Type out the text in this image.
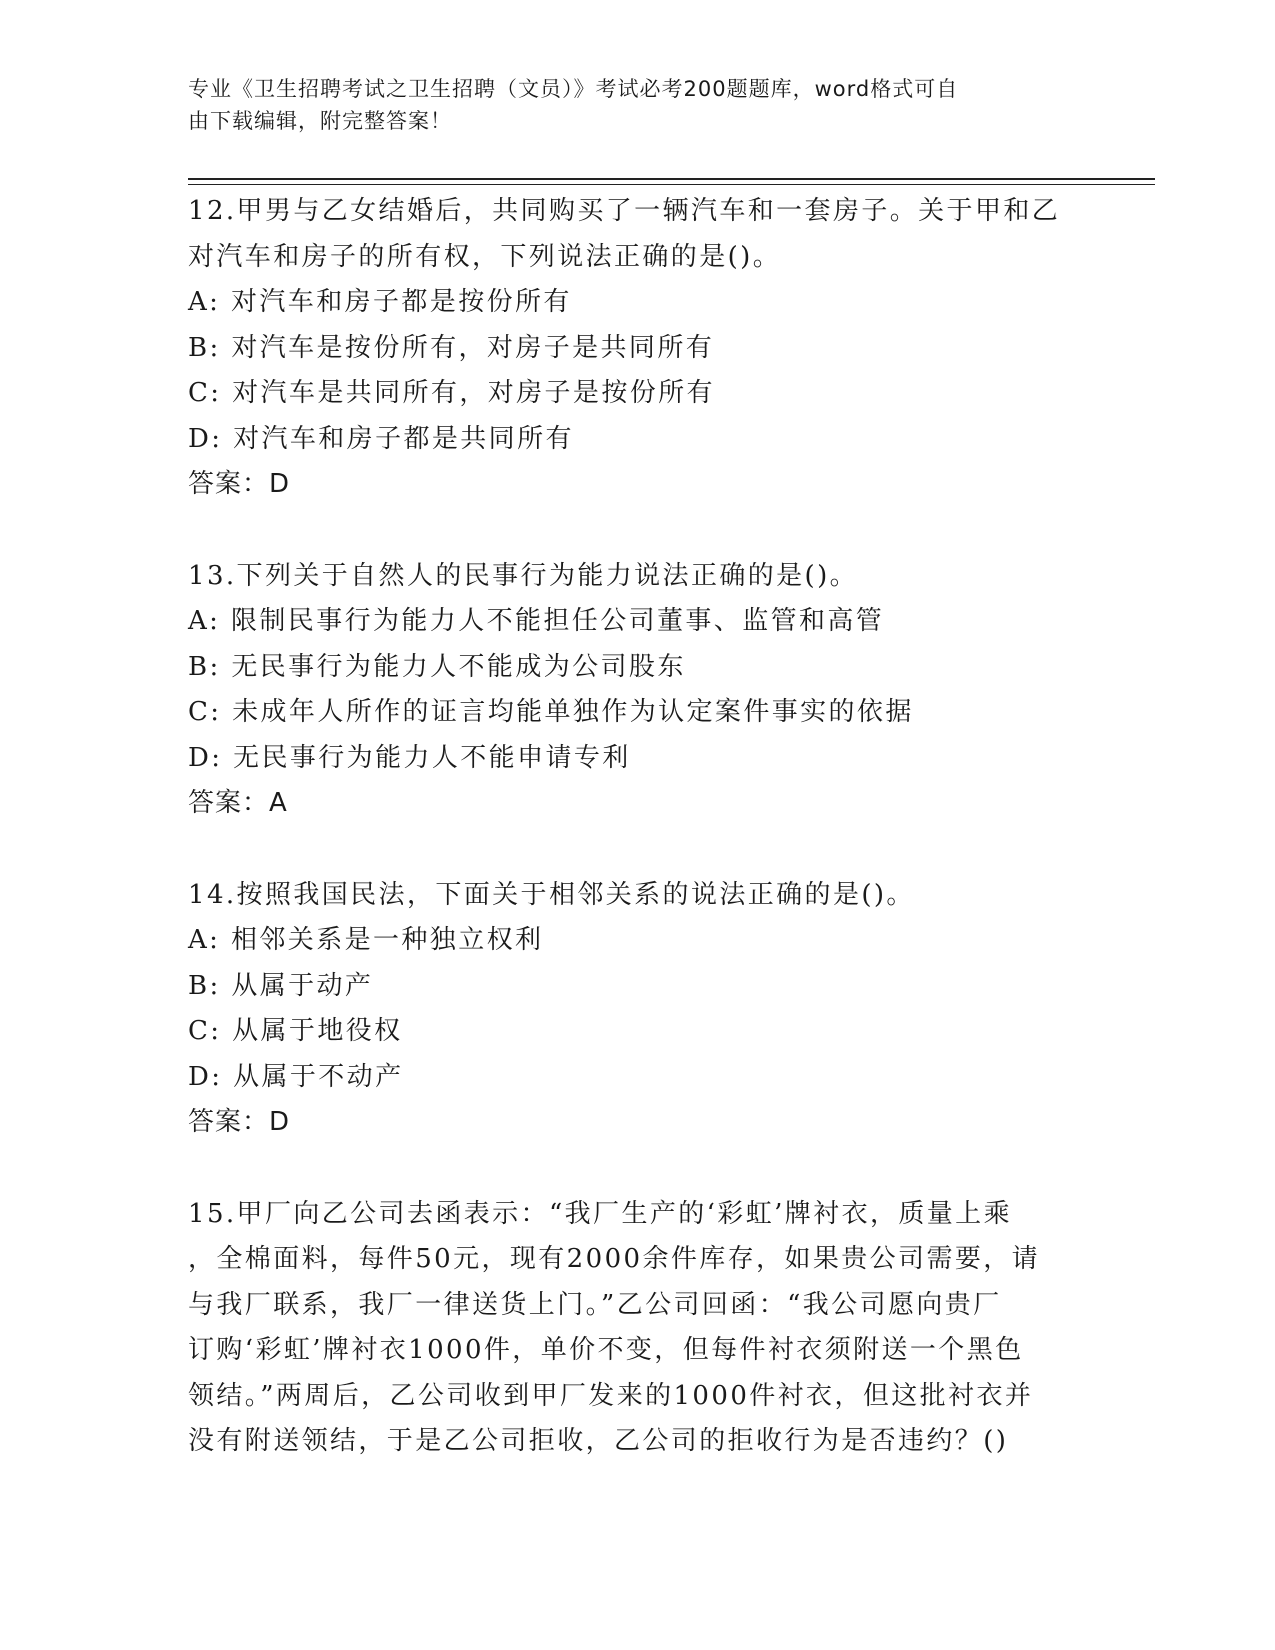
专业《卫生招聘考试之卫生招聘（文员）》考试必考200题题库，word格式可自
由下载编辑，附完整答案！
12.甲男与乙女结婚后，共同购买了一辆汽车和一套房子。关于甲和乙
对汽车和房子的所有权，下列说法正确的是()。
A: 对汽车和房子都是按份所有
B: 对汽车是按份所有，对房子是共同所有
C: 对汽车是共同所有，对房子是按份所有
D: 对汽车和房子都是共同所有
答案：D
13.下列关于自然人的民事行为能力说法正确的是()。
A: 限制民事行为能力人不能担任公司董事、监管和高管
B: 无民事行为能力人不能成为公司股东
C: 未成年人所作的证言均能单独作为认定案件事实的依据
D: 无民事行为能力人不能申请专利
答案：A
14.按照我国民法，下面关于相邻关系的说法正确的是()。
A: 相邻关系是一种独立权利
B: 从属于动产
C: 从属于地役权
D: 从属于不动产
答案：D
15.甲厂向乙公司去函表示：“我厂生产的‘彩虹’牌衬衣，质量上乘
，全棉面料，每件50元，现有2000余件库存，如果贵公司需要，请
与我厂联系，我厂一律送货上门。”乙公司回函：“我公司愿向贵厂
订购‘彩虹’牌衬衣1000件，单价不变，但每件衬衣须附送一个黑色
领结。”两周后，乙公司收到甲厂发来的1000件衬衣，但这批衬衣并
没有附送领结，于是乙公司拒收，乙公司的拒收行为是否违约？()
